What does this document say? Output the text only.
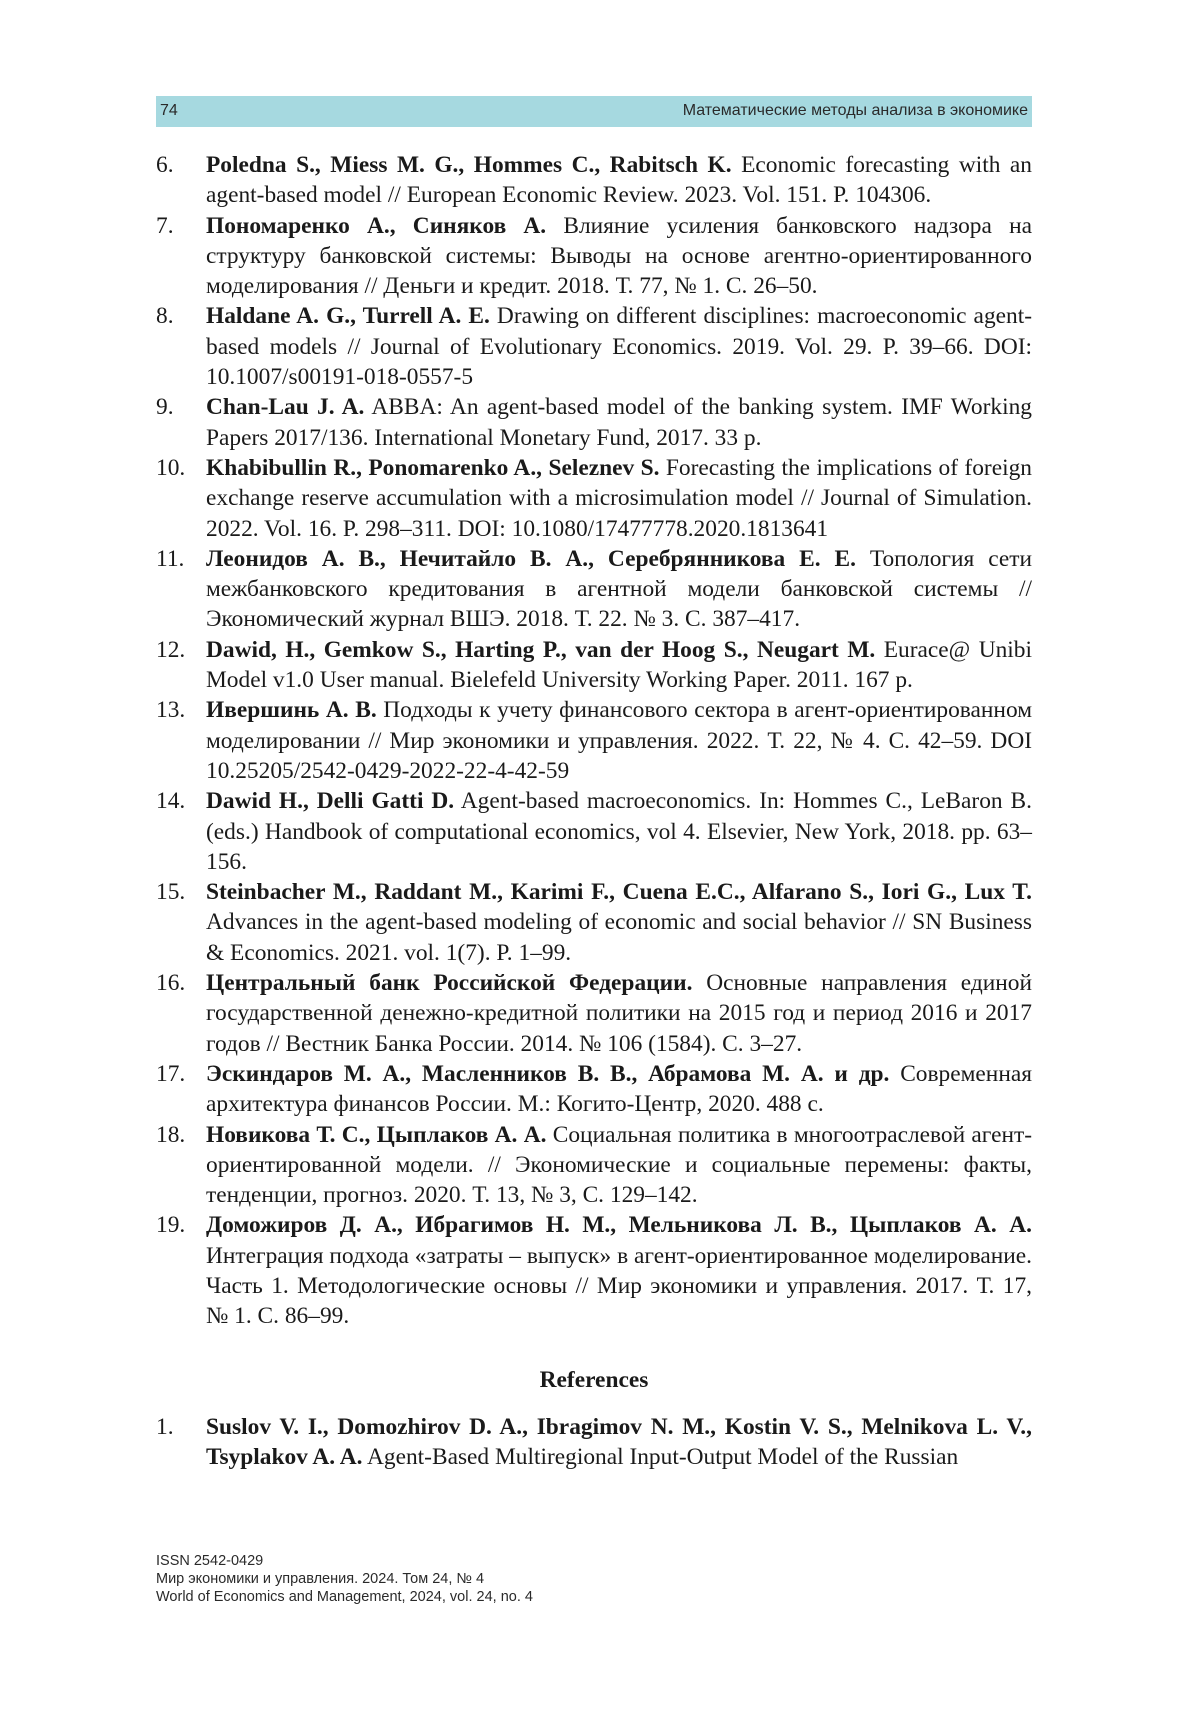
74	Математические методы анализа в экономике
6. Poledna S., Miess M. G., Hommes C., Rabitsch K. Economic forecasting with an agent-based model // European Economic Review. 2023. Vol. 151. P. 104306.
7. Пономаренко А., Синяков А. Влияние усиления банковского надзора на структуру банковской системы: Выводы на основе агентно-ориентированного моделирования // Деньги и кредит. 2018. Т. 77, № 1. С. 26–50.
8. Haldane A. G., Turrell A. E. Drawing on different disciplines: macroeconomic agent-based models // Journal of Evolutionary Economics. 2019. Vol. 29. P. 39–66. DOI: 10.1007/s00191-018-0557-5
9. Chan-Lau J. A. ABBA: An agent-based model of the banking system. IMF Working Papers 2017/136. International Monetary Fund, 2017. 33 p.
10. Khabibullin R., Ponomarenko A., Seleznev S. Forecasting the implications of foreign exchange reserve accumulation with a microsimulation model // Journal of Simulation. 2022. Vol. 16. P. 298–311. DOI: 10.1080/17477778.2020.1813641
11. Леонидов А. В., Нечитайло В. А., Серебрянникова Е. Е. Топология сети межбанковского кредитования в агентной модели банковской системы // Экономический журнал ВШЭ. 2018. Т. 22. № 3. С. 387–417.
12. Dawid, H., Gemkow S., Harting P., van der Hoog S., Neugart M. Eurace@ Unibi Model v1.0 User manual. Bielefeld University Working Paper. 2011. 167 p.
13. Ивершинь А. В. Подходы к учету финансового сектора в агент-ориентированном моделировании // Мир экономики и управления. 2022. Т. 22, № 4. С. 42–59. DOI 10.25205/2542-0429-2022-22-4-42-59
14. Dawid H., Delli Gatti D. Agent-based macroeconomics. In: Hommes C., LeBaron B. (eds.) Handbook of computational economics, vol 4. Elsevier, New York, 2018. pp. 63–156.
15. Steinbacher M., Raddant M., Karimi F., Cuena E.C., Alfarano S., Iori G., Lux T. Advances in the agent-based modeling of economic and social behavior // SN Business & Economics. 2021. vol. 1(7). P. 1–99.
16. Центральный банк Российской Федерации. Основные направления единой государственной денежно-кредитной политики на 2015 год и период 2016 и 2017 годов // Вестник Банка России. 2014. № 106 (1584). С. 3–27.
17. Эскиндаров М. А., Масленников В. В., Абрамова М. А. и др. Современная архитектура финансов России. М.: Когито-Центр, 2020. 488 с.
18. Новикова Т. С., Цыплаков А. А. Социальная политика в многоотраслевой агент-ориентированной модели. // Экономические и социальные перемены: факты, тенденции, прогноз. 2020. Т. 13, № 3, С. 129–142.
19. Доможиров Д. А., Ибрагимов Н. М., Мельникова Л. В., Цыплаков А. А. Интеграция подхода «затраты – выпуск» в агент-ориентированное моделирование. Часть 1. Методологические основы // Мир экономики и управления. 2017. Т. 17, № 1. С. 86–99.
References
1. Suslov V. I., Domozhirov D. A., Ibragimov N. M., Kostin V. S., Melnikova L. V., Tsyplakov A. A. Agent-Based Multiregional Input-Output Model of the Russian
ISSN 2542-0429
Мир экономики и управления. 2024. Том 24, № 4
World of Economics and Management, 2024, vol. 24, no. 4
